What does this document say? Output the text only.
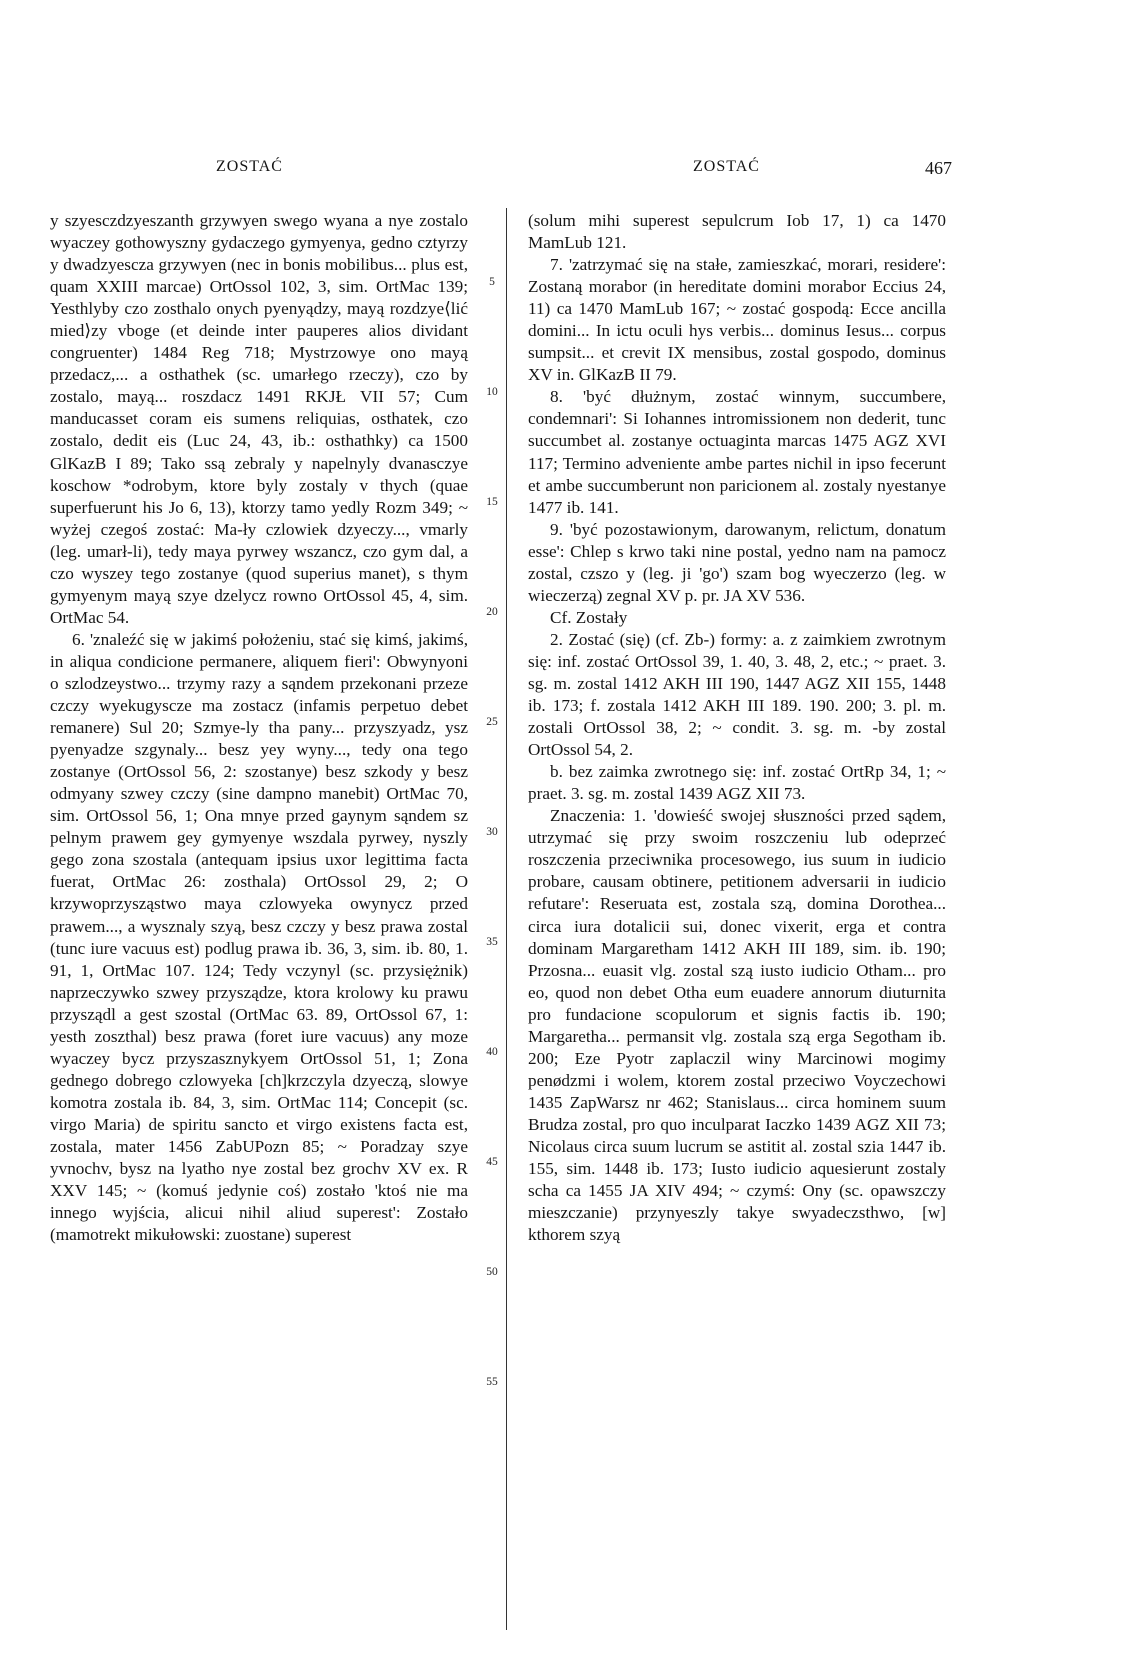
ZOSTAĆ	ZOSTAĆ	467

y szyesczdzyeszanth grzywyen swego wyana a nye zostalo wyaczey gothowyszny gydaczego gymyenya, gedno cztyrzy y dwadzyescza grzywyen (nec in bonis mobilibus... plus est, quam XXIII marcae) OrtOssol 102, 3, sim. OrtMac 139; Yesthlyby czo zosthalo onych pyenyądzy, mayą rozdzye⟨lić mied⟩zy vboge (et deinde inter pauperes alios dividant congruenter) 1484 Reg 718; Mystrzowye ono mayą przedacz,... a osthathek (sc. umarłego rzeczy), czo by zostalo, mayą... roszdacz 1491 RKJŁ VII 57; Cum manducasset coram eis sumens reliquias, osthatek, czo zostalo, dedit eis (Luc 24, 43, ib.: osthathky) ca 1500 GlKazB I 89; Tako ssą zebraly y napelnyly dvanasczye koschow *odrobym, ktore byly zostaly v thych (quae superfuerunt his Jo 6, 13), ktorzy tamo yedly Rozm 349; ~ wyżej czegoś zostać: Ma-ły czlowiek dzyeczy..., vmarly (leg. umarł-li), tedy maya pyrwey wszancz, czo gym dal, a czo wyszey tego zostanye (quod superius manet), s thym gymyenym mayą szye dzelycz rowno OrtOssol 45, 4, sim. OrtMac 54.

6. 'znaleźć się w jakimś położeniu, stać się kimś, jakimś, in aliqua condicione permanere, aliquem fieri': Obwynyoni o szlodzeystwo... trzymy razy a sąndem przekonani przeze czczy wyekugyscze ma zostacz (infamis perpetuo debet remanere) Sul 20; Szmye-ly tha pany... przyszyadz, ysz pyenyadze szgynaly... besz yey wyny..., tedy ona tego zostanye (OrtOssol 56, 2: szostanye) besz szkody y besz odmyany szwey czczy (sine dampno manebit) OrtMac 70, sim. OrtOssol 56, 1; Ona mnye przed gaynym sąndem sz pelnym prawem gey gymyenye wszdala pyrwey, nyszly gego zona szostala (antequam ipsius uxor legittima facta fuerat, OrtMac 26: zosthala) OrtOssol 29, 2; O krzywoprzysząstwo maya czlowyeka owynycz przed prawem..., a wysznaly szyą, besz czczy y besz prawa zostal (tunc iure vacuus est) podlug prawa ib. 36, 3, sim. ib. 80, 1. 91, 1, OrtMac 107. 124; Tedy vczynyl (sc. przysiężnik) naprzeczywko szwey przysządze, ktora krolowy ku prawu przysządl a gest szostal (OrtMac 63. 89, OrtOssol 67, 1: yesth zoszthal) besz prawa (foret iure vacuus) any moze wyaczey bycz przyszasznykyem OrtOssol 51, 1; Zona gednego dobrego czlowyeka [ch]krzczyla dzyeczą, slowye komotra zostala ib. 84, 3, sim. OrtMac 114; Concepit (sc. virgo Maria) de spiritu sancto et virgo existens facta est, zostala, mater 1456 ZabUPozn 85; ~ Poradzay szye yvnochv, bysz na lyatho nye zostal bez grochv XV ex. R XXV 145; ~ (komuś jedynie coś) zostało 'ktoś nie ma innego wyjścia, alicui nihil aliud superest': Zostało (mamotrekt mikułowski: zuostane) superest

5
10
15
20
25
30
35
40
45
50
55

(solum mihi superest sepulcrum Iob 17, 1) ca 1470 MamLub 121.

7. 'zatrzymać się na stałe, zamieszkać, morari, residere': Zostaną morabor (in hereditate domini morabor Eccius 24, 11) ca 1470 MamLub 167; ~ zostać gospodą: Ecce ancilla domini... In ictu oculi hys verbis... dominus Iesus... corpus sumpsit... et crevit IX mensibus, zostal gospodo, dominus XV in. GlKazB II 79.

8. 'być dłużnym, zostać winnym, succumbere, condemnari': Si Iohannes intromissionem non dederit, tunc succumbet al. zostanye octuaginta marcas 1475 AGZ XVI 117; Termino adveniente ambe partes nichil in ipso fecerunt et ambe succumberunt non paricionem al. zostaly nyestanye 1477 ib. 141.

9. 'być pozostawionym, darowanym, relictum, donatum esse': Chlep s krwo taki nine postal, yedno nam na pamocz zostal, czszo y (leg. ji 'go') szam bog wyeczerzo (leg. w wieczerzą) zegnal XV p. pr. JA XV 536.

Cf. Zostały

2. Zostać (się) (cf. Zb-) formy: a. z zaimkiem zwrotnym się: inf. zostać OrtOssol 39, 1. 40, 3. 48, 2, etc.; ~ praet. 3. sg. m. zostal 1412 AKH III 190, 1447 AGZ XII 155, 1448 ib. 173; f. zostala 1412 AKH III 189. 190. 200; 3. pl. m. zostali OrtOssol 38, 2; ~ condit. 3. sg. m. -by zostal OrtOssol 54, 2.

b. bez zaimka zwrotnego się: inf. zostać OrtRp 34, 1; ~ praet. 3. sg. m. zostal 1439 AGZ XII 73.

Znaczenia: 1. 'dowieść swojej słuszności przed sądem, utrzymać się przy swoim roszczeniu lub odeprzeć roszczenia przeciwnika procesowego, ius suum in iudicio probare, causam obtinere, petitionem adversarii in iudicio refutare': Reseruata est, zostala szą, domina Dorothea... circa iura dotalicii sui, donec vixerit, erga et contra dominam Margaretham 1412 AKH III 189, sim. ib. 190; Przosna... euasit vlg. zostal szą iusto iudicio Otham... pro eo, quod non debet Otha eum euadere annorum diuturnita pro fundacione scopulorum et signis factis ib. 190; Margaretha... permansit vlg. zostala szą erga Segotham ib. 200; Eze Pyotr zaplaczil winy Marcinowi mogimy penødzmi i wolem, ktorem zostal przeciwo Voyczechowi 1435 ZapWarsz nr 462; Stanislaus... circa hominem suum Brudza zostal, pro quo inculparat Iaczko 1439 AGZ XII 73; Nicolaus circa suum lucrum se astitit al. zostal szia 1447 ib. 155, sim. 1448 ib. 173; Iusto iudicio aquesierunt zostaly scha ca 1455 JA XIV 494; ~ czymś: Ony (sc. opawszczy mieszczanie) przynyeszly takye swyadeczsthwo, [w] kthorem szyą
